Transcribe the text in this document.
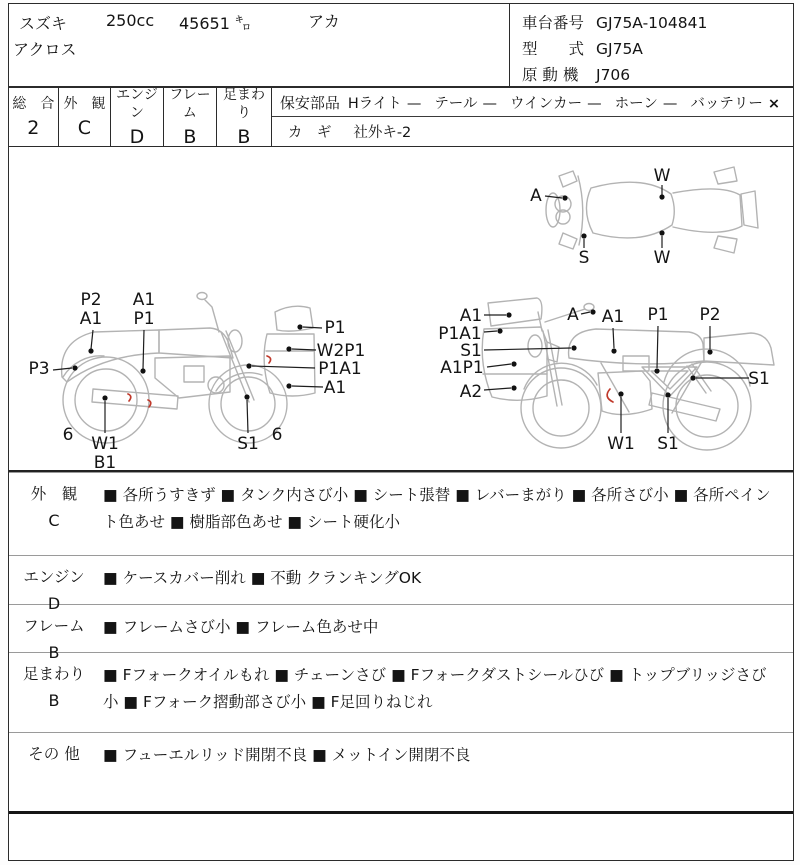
スズキ 250cc 45651 ㌔	アカ
アクロス
車台番号 GJ75A-104841
型　　式 GJ75A
原 動 機 J706
総　合
2
外　観
C
エンジン
D
フレーム
B
足まわり
B
保安部品 Hライト — テール — ウインカー — ホーン — バッテリー ×
カ　ギ 社外キ-2
A
W
S	W
P2
A1
A1
P1
P3
6 W1
B1
S1 6
P1
W2P1
P1A1
A1
A1
P1A1
S1
A1P1
A2
A A1 P1 P2
S1
W1 S1
外　観
C
■ 各所うすきず ■ タンク内さび小 ■ シート張替 ■ レバーまがり ■ 各所さび小 ■ 各所ペイント色あせ ■ 樹脂部色あせ ■ シート硬化小
エンジン
D
■ ケースカバー削れ ■ 不動 クランキングOK
フレーム
B
■ フレームさび小 ■ フレーム色あせ中
足まわり
B
■ Fフォークオイルもれ ■ チェーンさび ■ Fフォークダストシールひび ■ トップブリッジさび小 ■ Fフォーク摺動部さび小 ■ F足回りねじれ
その 他	■ フューエルリッド開閉不良 ■ メットイン開閉不良
